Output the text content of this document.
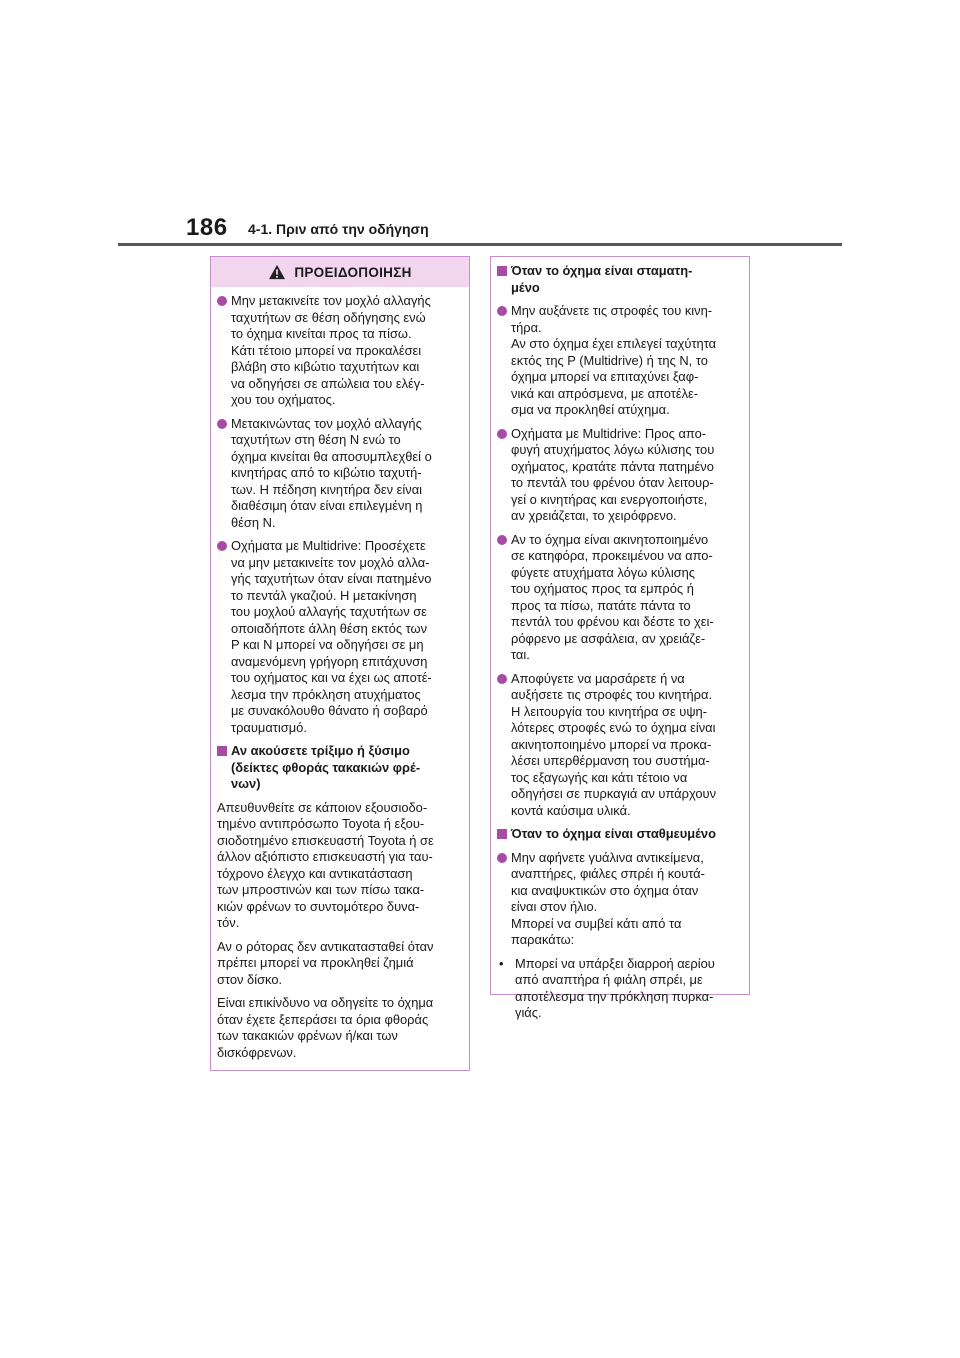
186 4-1. Πριν από την οδήγηση
ΠΡΟΕΙΔΟΠΟΙΗΣΗ
Μην μετακινείτε τον μοχλό αλλαγής
ταχυτήτων σε θέση οδήγησης ενώ
το όχημα κινείται προς τα πίσω.
Κάτι τέτοιο μπορεί να προκαλέσει
βλάβη στο κιβώτιο ταχυτήτων και
να οδηγήσει σε απώλεια του ελέγ-
χου του οχήματος.
Μετακινώντας τον μοχλό αλλαγής
ταχυτήτων στη θέση N ενώ το
όχημα κινείται θα αποσυμπλεχθεί ο
κινητήρας από το κιβώτιο ταχυτή-
των. Η πέδηση κινητήρα δεν είναι
διαθέσιμη όταν είναι επιλεγμένη η
θέση N.
Οχήματα με Multidrive: Προσέχετε
να μην μετακινείτε τον μοχλό αλλα-
γής ταχυτήτων όταν είναι πατημένο
το πεντάλ γκαζιού. Η μετακίνηση
του μοχλού αλλαγής ταχυτήτων σε
οποιαδήποτε άλλη θέση εκτός των
P και N μπορεί να οδηγήσει σε μη
αναμενόμενη γρήγορη επιτάχυνση
του οχήματος και να έχει ως αποτέ-
λεσμα την πρόκληση ατυχήματος
με συνακόλουθο θάνατο ή σοβαρό
τραυματισμό.
Αν ακούσετε τρίξιμο ή ξύσιμο
(δείκτες φθοράς τακακιών φρέ-
νων)
Απευθυνθείτε σε κάποιον εξουσιοδο-
τημένο αντιπρόσωπο Toyota ή εξου-
σιοδοτημένο επισκευαστή Toyota ή σε
άλλον αξιόπιστο επισκευαστή για ταυ-
τόχρονο έλεγχο και αντικατάσταση
των μπροστινών και των πίσω τακα-
κιών φρένων το συντομότερο δυνα-
τόν.
Αν ο ρότορας δεν αντικατασταθεί όταν
πρέπει μπορεί να προκληθεί ζημιά
στον δίσκο.
Είναι επικίνδυνο να οδηγείτε το όχημα
όταν έχετε ξεπεράσει τα όρια φθοράς
των τακακιών φρένων ή/και των
δισκόφρενων.
Όταν το όχημα είναι σταματη-
μένο
Μην αυξάνετε τις στροφές του κινη-
τήρα.
Αν στο όχημα έχει επιλεγεί ταχύτητα
εκτός της P (Multidrive) ή της N, το
όχημα μπορεί να επιταχύνει ξαφ-
νικά και απρόσμενα, με αποτέλε-
σμα να προκληθεί ατύχημα.
Οχήματα με Multidrive: Προς απο-
φυγή ατυχήματος λόγω κύλισης του
οχήματος, κρατάτε πάντα πατημένο
το πεντάλ του φρένου όταν λειτουρ-
γεί ο κινητήρας και ενεργοποιήστε,
αν χρειάζεται, το χειρόφρενο.
Αν το όχημα είναι ακινητοποιημένο
σε κατηφόρα, προκειμένου να απο-
φύγετε ατυχήματα λόγω κύλισης
του οχήματος προς τα εμπρός ή
προς τα πίσω, πατάτε πάντα το
πεντάλ του φρένου και δέστε το χει-
ρόφρενο με ασφάλεια, αν χρειάζε-
ται.
Αποφύγετε να μαρσάρετε ή να
αυξήσετε τις στροφές του κινητήρα.
Η λειτουργία του κινητήρα σε υψη-
λότερες στροφές ενώ το όχημα είναι
ακινητοποιημένο μπορεί να προκα-
λέσει υπερθέρμανση του συστήμα-
τος εξαγωγής και κάτι τέτοιο να
οδηγήσει σε πυρκαγιά αν υπάρχουν
κοντά καύσιμα υλικά.
Όταν το όχημα είναι σταθμευμένο
Μην αφήνετε γυάλινα αντικείμενα,
αναπτήρες, φιάλες σπρέι ή κουτά-
κια αναψυκτικών στο όχημα όταν
είναι στον ήλιο.
Μπορεί να συμβεί κάτι από τα
παρακάτω:
• Μπορεί να υπάρξει διαρροή αερίου
από αναπτήρα ή φιάλη σπρέι, με
αποτέλεσμα την πρόκληση πυρκα-
γιάς.
